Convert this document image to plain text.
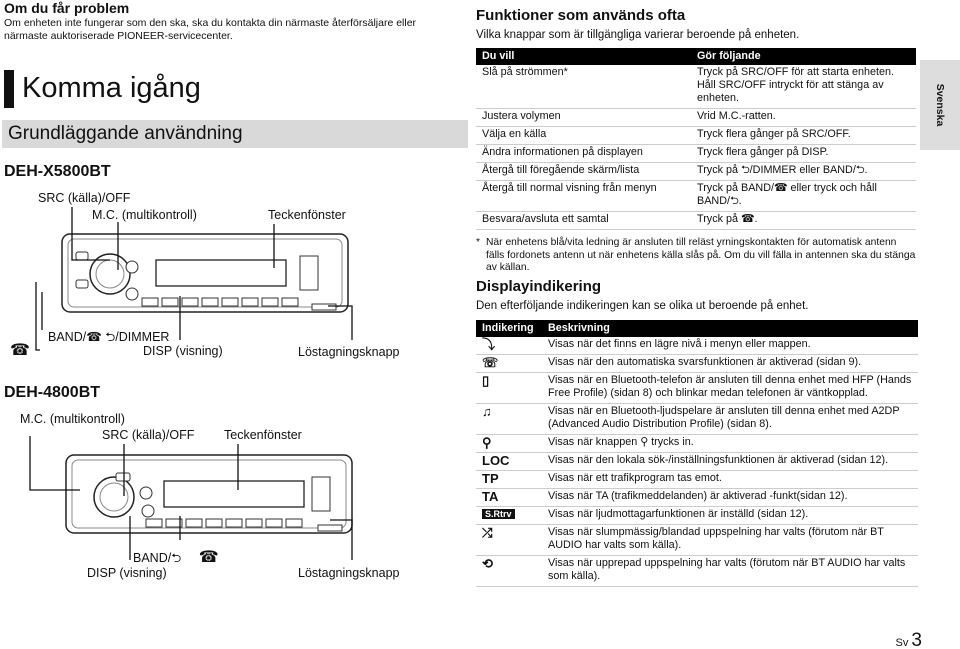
Om du får problem
Om enheten inte fungerar som den ska, ska du kontakta din närmaste återförsäljare eller närmaste auktoriserade PIONEER-servicecenter.
Komma igång
Grundläggande användning
DEH-X5800BT
SRC (källa)/OFF
M.C. (multikontroll)	Teckenfönster
BAND/☎ ⮌/DIMMER
☎	DISP (visning)	Löstagningsknapp
DEH-4800BT
M.C. (multikontroll)
SRC (källa)/OFF Teckenfönster
BAND/⮌ ☎
DISP (visning)	Löstagningsknapp
Funktioner som används ofta
Vilka knappar som är tillgängliga varierar beroende på enheten.
Du vill	Gör följande
Slå på strömmen*	Tryck på SRC/OFF för att starta enheten. Håll SRC/OFF intryckt för att stänga av enheten.
Justera volymen	Vrid M.C.-ratten.
Välja en källa	Tryck flera gånger på SRC/OFF.
Ändra informationen på displayen	Tryck flera gånger på DISP.
Återgå till föregående skärm/lista	Tryck på ⮌/DIMMER eller BAND/⮌.
Återgå till normal visning från menyn	Tryck på BAND/☎ eller tryck och håll BAND/⮌.
Besvara/avsluta ett samtal	Tryck på ☎.
* När enhetens blå/vita ledning är ansluten till reläst yrningskontakten för automatisk antenn fälls fordonets antenn ut när enhetens källa slås på. Om du vill fälla in antennen ska du stänga av källan.
Displayindikering
Den efterföljande indikeringen kan se olika ut beroende på enhet.
Indikering	Beskrivning
⤵	Visas när det finns en lägre nivå i menyn eller mappen.
☏	Visas när den automatiska svarsfunktionen är aktiverad (sidan 9).
▯	Visas när en Bluetooth-telefon är ansluten till denna enhet med HFP (Hands Free Profile) (sidan 8) och blinkar medan telefonen är väntkopplad.
♫	Visas när en Bluetooth-ljudspelare är ansluten till denna enhet med A2DP (Advanced Audio Distribution Profile) (sidan 8).
⚲	Visas när knappen ⚲ trycks in.
LOC	Visas när den lokala sök-/inställningsfunktionen är aktiverad (sidan 12).
TP	Visas när ett trafikprogram tas emot.
TA	Visas när TA (trafikmeddelanden) är aktiverad -funkt(sidan 12).
S.Rtrv	Visas när ljudmottagarfunktionen är inställd (sidan 12).
⤮	Visas när slumpmässig/blandad uppspelning har valts (förutom när BT AUDIO har valts som källa).
⟲	Visas när upprepad uppspelning har valts (förutom när BT AUDIO har valts som källa).
Svenska
Sv 3
